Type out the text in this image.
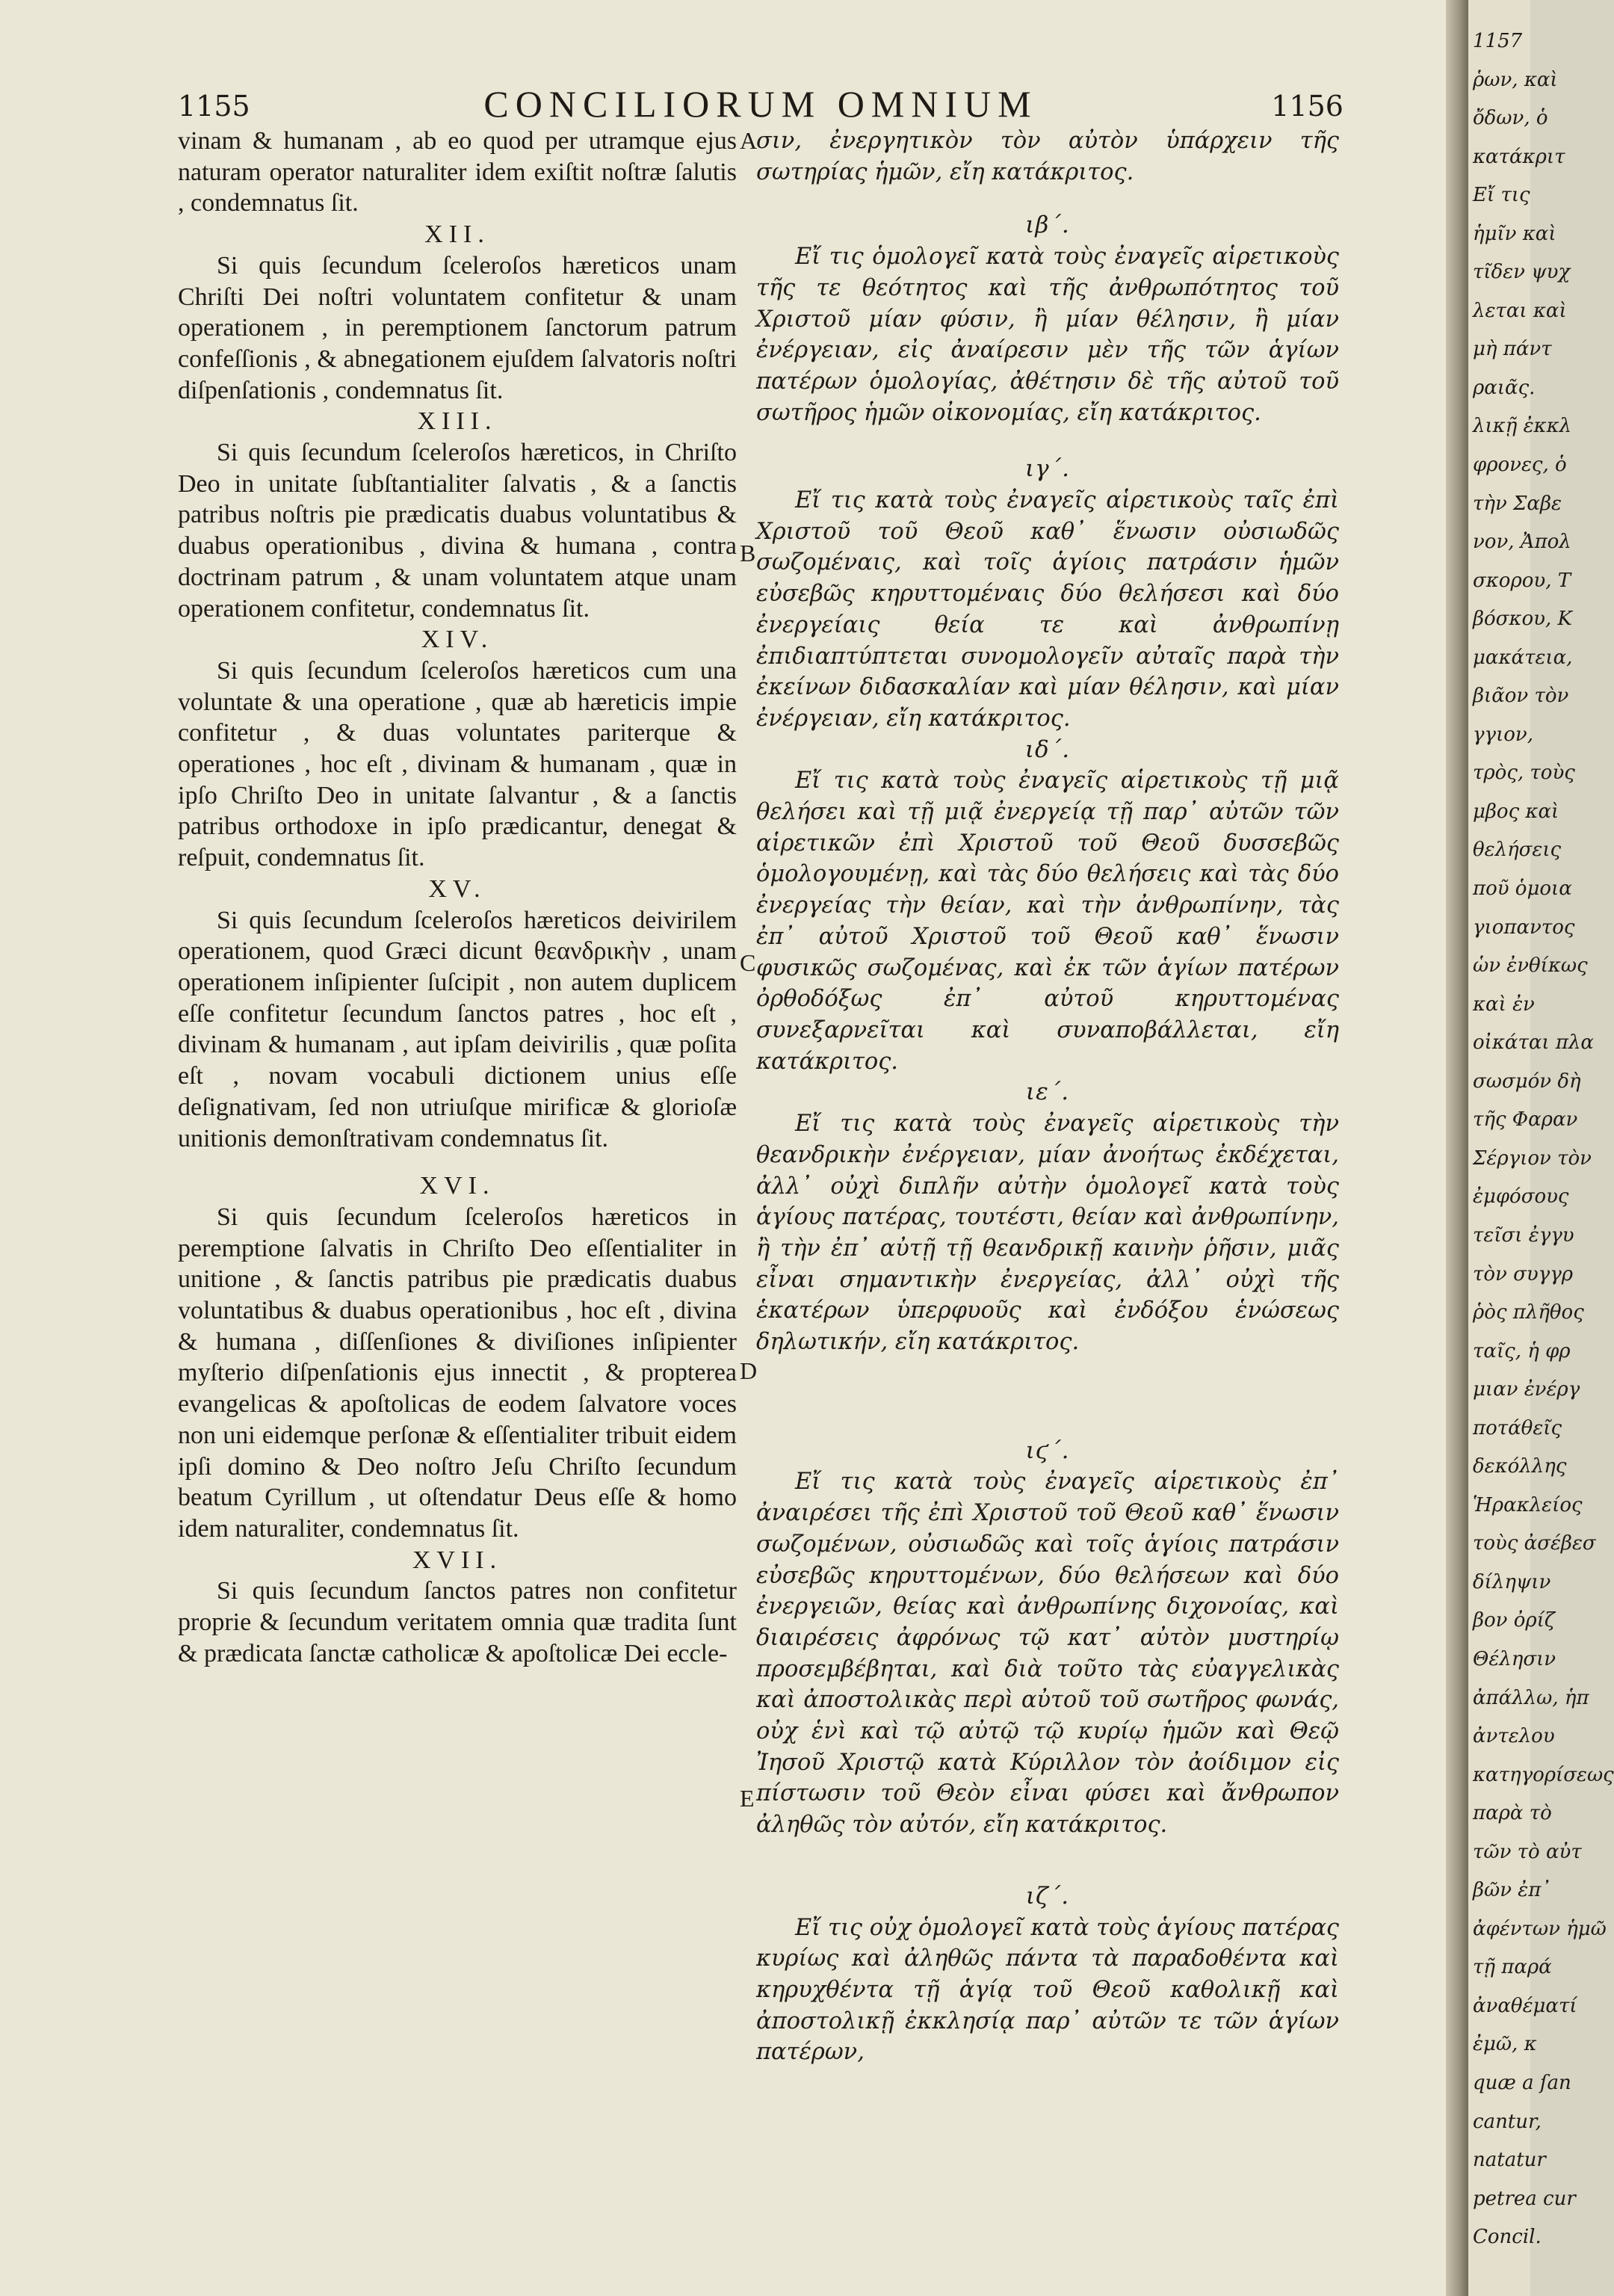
1155	CONCILIORUM OMNIUM	1156

vinam & humanam , ab eo quod per utramque ejus naturam operator naturaliter idem exiſtit noſtræ ſalutis , condemnatus ſit.

XII.

Si quis ſecundum ſceleroſos hæreticos unam Chriſti Dei noſtri voluntatem confitetur & unam operationem , in peremptionem ſanctorum patrum confeſſionis , & abnegationem ejuſdem ſalvatoris noſtri diſpenſationis , condemnatus ſit.

XIII.

Si quis ſecundum ſceleroſos hæreticos, in Chriſto Deo in unitate ſubſtantialiter ſalvatis , & a ſanctis patribus noſtris pie prædicatis duabus voluntatibus & duabus operationibus , divina & humana , contra doctrinam patrum , & unam voluntatem atque unam operationem confitetur, condemnatus ſit.

XIV.

Si quis ſecundum ſceleroſos hæreticos cum una voluntate & una operatione , quæ ab hæreticis impie confitetur , & duas voluntates pariterque & operationes , hoc eſt , divinam & humanam , quæ in ipſo Chriſto Deo in unitate ſalvantur , & a ſanctis patribus orthodoxe in ipſo prædicantur, denegat & reſpuit, condemnatus ſit.

XV.

Si quis ſecundum ſceleroſos hæreticos deivirilem operationem, quod Græci dicunt θεανδρικὴν , unam operationem inſipienter ſuſcipit , non autem duplicem eſſe confitetur ſecundum ſanctos patres , hoc eſt , divinam & humanam , aut ipſam deivirilis , quæ poſita eſt , novam vocabuli dictionem unius eſſe deſignativam, ſed non utriuſque mirificæ & glorioſæ unitionis demonſtrativam condemnatus ſit.

XVI.

Si quis ſecundum ſceleroſos hæreticos in peremptione ſalvatis in Chriſto Deo eſſentialiter in unitione , & ſanctis patribus pie prædicatis duabus voluntatibus & duabus operationibus , hoc eſt , divina & humana , diſſenſiones & diviſiones inſipienter myſterio diſpenſationis ejus innectit , & propterea evangelicas & apoſtolicas de eodem ſalvatore voces non uni eidemque perſonæ & eſſentialiter tribuit eidem ipſi domino & Deo noſtro Jeſu Chriſto ſecundum beatum Cyrillum , ut oſtendatur Deus eſſe & homo idem naturaliter, condemnatus ſit.

XVII.

Si quis ſecundum ſanctos patres non confitetur proprie & ſecundum veritatem omnia quæ tradita ſunt & prædicata ſanctæ catholicæ & apoſtolicæ Dei eccle-

A
B
C
D
E

σιν, ἐνεργητικὸν τὸν αὐτὸν ὑπάρχειν τῆς σωτηρίας ἡμῶν, εἴη κατάκριτος.

ιβ΄.

Εἴ τις ὁμολογεῖ κατὰ τοὺς ἐναγεῖς αἱρετικοὺς τῆς τε θεότητος καὶ τῆς ἀνθρωπότητος τοῦ Χριστοῦ μίαν φύσιν, ἢ μίαν θέλησιν, ἢ μίαν ἐνέργειαν, εἰς ἀναίρεσιν μὲν τῆς τῶν ἁγίων πατέρων ὁμολογίας, ἀθέτησιν δὲ τῆς αὐτοῦ τοῦ σωτῆρος ἡμῶν οἰκονομίας, εἴη κατάκριτος.

ιγ΄.

Εἴ τις κατὰ τοὺς ἐναγεῖς αἱρετικοὺς ταῖς ἐπὶ Χριστοῦ τοῦ Θεοῦ καθ᾽ ἕνωσιν οὐσιωδῶς σωζομέναις, καὶ τοῖς ἁγίοις πατράσιν ἡμῶν εὐσεβῶς κηρυττομέναις δύο θελήσεσι καὶ δύο ἐνεργείαις θεία τε καὶ ἀνθρωπίνῃ ἐπιδιαπτύπτεται συνομολογεῖν αὐταῖς παρὰ τὴν ἐκείνων διδασκαλίαν καὶ μίαν θέλησιν, καὶ μίαν ἐνέργειαν, εἴη κατάκριτος.

ιδ΄.

Εἴ τις κατὰ τοὺς ἐναγεῖς αἱρετικοὺς τῇ μιᾷ θελήσει καὶ τῇ μιᾷ ἐνεργείᾳ τῇ παρ᾽ αὐτῶν τῶν αἱρετικῶν ἐπὶ Χριστοῦ τοῦ Θεοῦ δυσσεβῶς ὁμολογουμένῃ, καὶ τὰς δύο θελήσεις καὶ τὰς δύο ἐνεργείας τὴν θείαν, καὶ τὴν ἀνθρωπίνην, τὰς ἐπ᾽ αὐτοῦ Χριστοῦ τοῦ Θεοῦ καθ᾽ ἕνωσιν φυσικῶς σωζομένας, καὶ ἐκ τῶν ἁγίων πατέρων ὀρθοδόξως ἐπ᾽ αὐτοῦ κηρυττομένας συνεξαρνεῖται καὶ συναποβάλλεται, εἴη κατάκριτος.

ιε΄.

Εἴ τις κατὰ τοὺς ἐναγεῖς αἱρετικοὺς τὴν θεανδρικὴν ἐνέργειαν, μίαν ἀνοήτως ἐκδέχεται, ἀλλ᾽ οὐχὶ διπλῆν αὐτὴν ὁμολογεῖ κατὰ τοὺς ἁγίους πατέρας, τουτέστι, θείαν καὶ ἀνθρωπίνην, ἢ τὴν ἐπ᾽ αὐτῇ τῇ θεανδρικῇ καινὴν ῥῆσιν, μιᾶς εἶναι σημαντικὴν ἐνεργείας, ἀλλ᾽ οὐχὶ τῆς ἑκατέρων ὑπερφυοῦς καὶ ἐνδόξου ἑνώσεως δηλωτικήν, εἴη κατάκριτος.

ιϛ΄.

Εἴ τις κατὰ τοὺς ἐναγεῖς αἱρετικοὺς ἐπ᾽ ἀναιρέσει τῆς ἐπὶ Χριστοῦ τοῦ Θεοῦ καθ᾽ ἕνωσιν σωζομένων, οὐσιωδῶς καὶ τοῖς ἁγίοις πατράσιν εὐσεβῶς κηρυττομένων, δύο θελήσεων καὶ δύο ἐνεργειῶν, θείας καὶ ἀνθρωπίνης διχονοίας, καὶ διαιρέσεις ἀφρόνως τῷ κατ᾽ αὐτὸν μυστηρίῳ προσεμβέβηται, καὶ διὰ τοῦτο τὰς εὐαγγελικὰς καὶ ἀποστολικὰς περὶ αὐτοῦ τοῦ σωτῆρος φωνάς, οὐχ ἑνὶ καὶ τῷ αὐτῷ τῷ κυρίῳ ἡμῶν καὶ Θεῷ Ἰησοῦ Χριστῷ κατὰ Κύριλλον τὸν ἀοίδιμον εἰς πίστωσιν τοῦ Θεὸν εἶναι φύσει καὶ ἄνθρωπον ἀληθῶς τὸν αὐτόν, εἴη κατάκριτος.

ιζ΄.

Εἴ τις οὐχ ὁμολογεῖ κατὰ τοὺς ἁγίους πατέρας κυρίως καὶ ἀληθῶς πάντα τὰ παραδοθέντα καὶ κηρυχθέντα τῇ ἁγίᾳ τοῦ Θεοῦ καθολικῇ καὶ ἀποστολικῇ ἐκκλησίᾳ παρ᾽ αὐτῶν τε τῶν ἁγίων πατέρων,

1157
ῥων, καὶ
ὄδων, ὁ
κατάκριτ
Εἴ τις
ἡμῖν καὶ
τῖδεν ψυχ
λεται καὶ
μὴ πάντ
ραιᾶς.
λικῇ ἐκκλ
φρονες, ὁ
τὴν Σαβε
νον, Ἀπολ
σκορου, Τ
βόσκου, Κ
μακάτεια,
βιᾶον τὸν
γγιον,
τρὸς, τοὺς
μβος καὶ
θελήσεις
ποῦ ὁμοια
γιοπαντος
ὡν ἐνθίκως
καὶ ἐν
οἰκάται πλα
σωσμόν δὴ
τῆς Φαραν
Σέργιον τὸν
ἐμφόσους
τεῖσι ἐγγυ
τὸν συγγρ
ῥὸς πλῆθος
ταῖς, ἡ φρ
μιαν ἐνέργ
ποτάθεῖς
δεκόλλης
Ἡρακλείος
τοὺς ἀσέβεσ
δίληψιν
βον ὀρίζ
Θέλησιν
ἀπάλλω, ἡπ
ἀντελου
κατηγορίσεως
παρὰ τὸ
τῶν τὸ αὐτ
βῶν ἐπ᾽
ἀφέντων ἡμῶ
τῇ παρά
ἀναθέματί
ἐμῶ, κ
quæ a ſan
cantur,
natatur
petrea cur
Concil.
